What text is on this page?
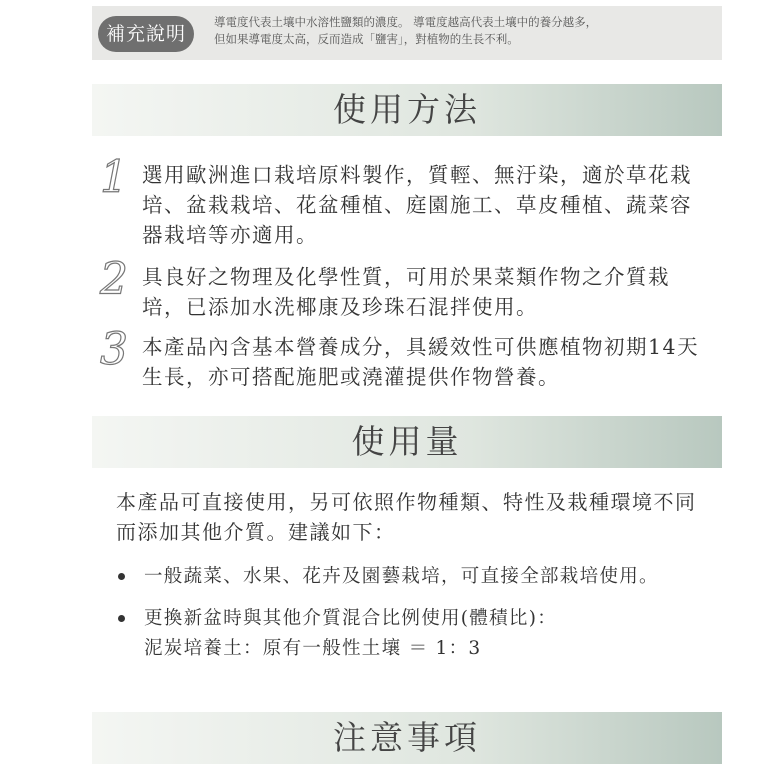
補充說明
導電度代表土壤中水溶性鹽類的濃度。 導電度越高代表土壤中的養分越多，
但如果導電度太高，反而造成「鹽害」，對植物的生長不利。
使用方法
1 選用歐洲進口栽培原料製作，質輕、無汙染，適於草花栽培、盆栽栽培、花盆種植、庭園施工、草皮種植、蔬菜容器栽培等亦適用。
2 具良好之物理及化學性質，可用於果菜類作物之介質栽培，已添加水洗椰康及珍珠石混拌使用。
3 本產品內含基本營養成分，具緩效性可供應植物初期14天生長，亦可搭配施肥或澆灌提供作物營養。
使用量
本產品可直接使用，另可依照作物種類、特性及栽種環境不同而添加其他介質。建議如下：
一般蔬菜、水果、花卉及園藝栽培，可直接全部栽培使用。
更換新盆時與其他介質混合比例使用(體積比)：
泥炭培養土：原有一般性土壤 ＝ 1：3
注意事項
